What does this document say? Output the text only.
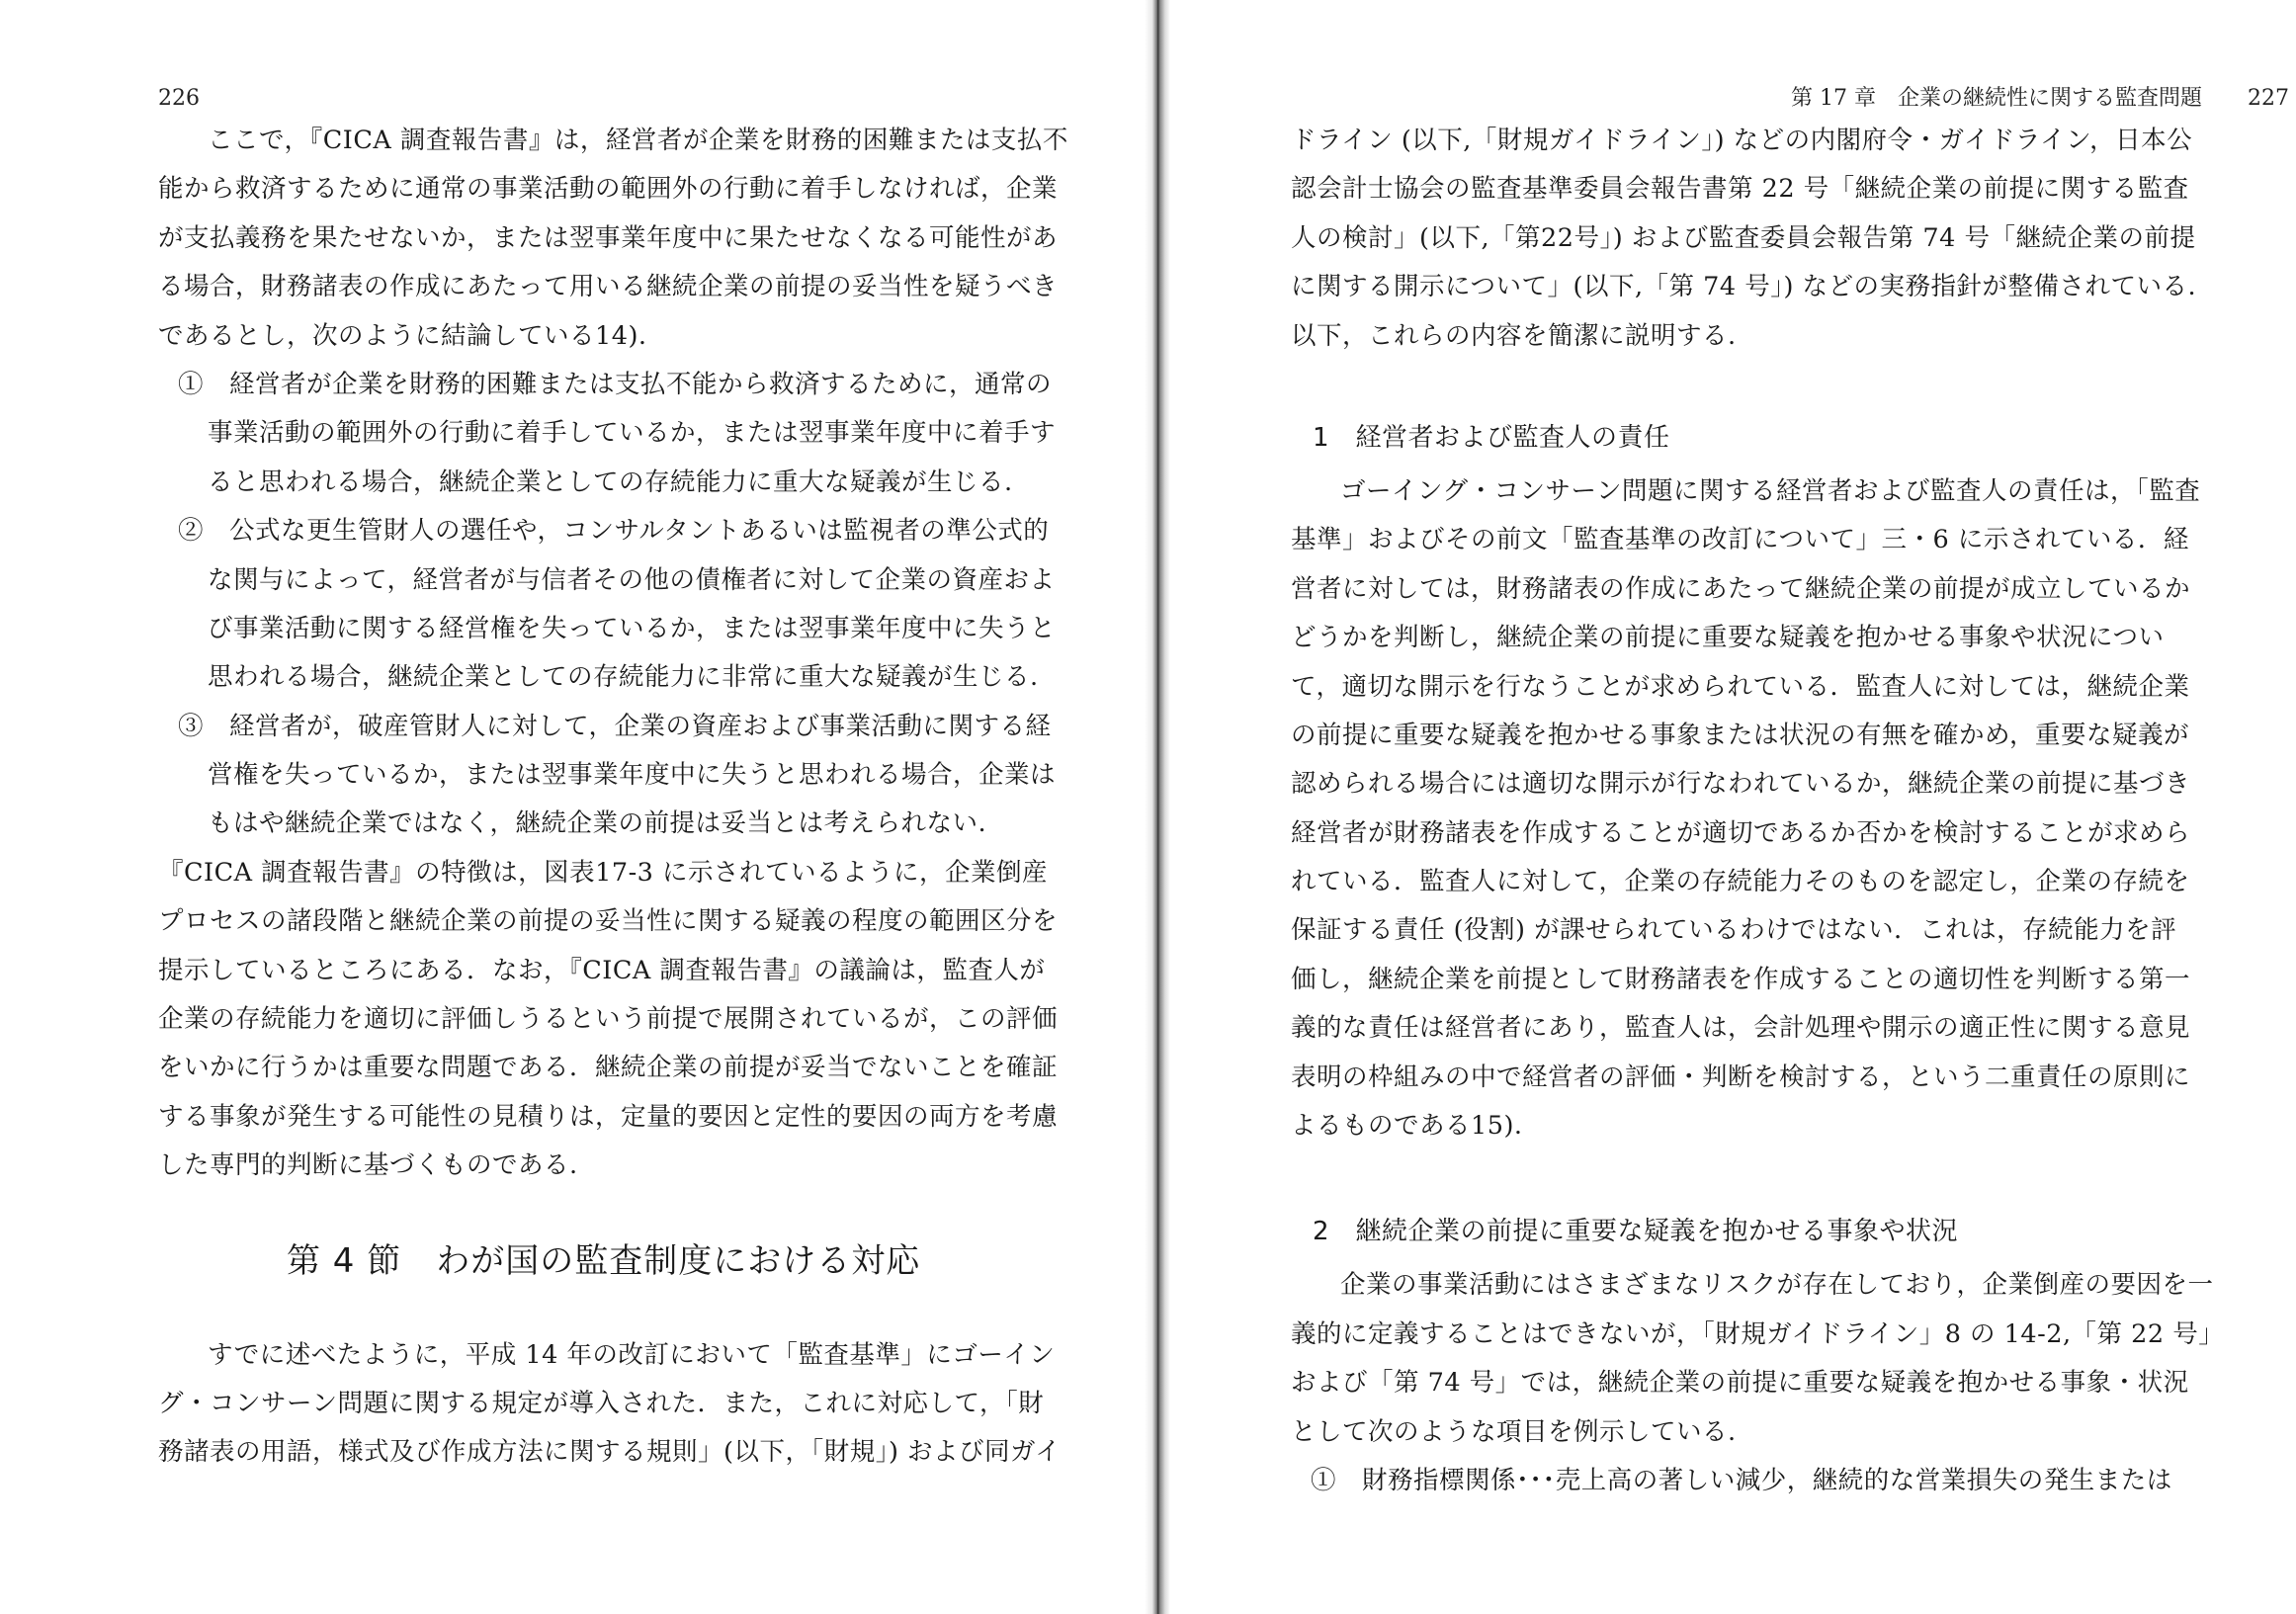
226
ここで，『CICA 調査報告書』は，経営者が企業を財務的困難または支払不
能から救済するために通常の事業活動の範囲外の行動に着手しなければ，企業
が支払義務を果たせないか，または翌事業年度中に果たせなくなる可能性があ
る場合，財務諸表の作成にあたって用いる継続企業の前提の妥当性を疑うべき
であるとし，次のように結論している14).
①　経営者が企業を財務的困難または支払不能から救済するために，通常の
事業活動の範囲外の行動に着手しているか，または翌事業年度中に着手す
ると思われる場合，継続企業としての存続能力に重大な疑義が生じる.
②　公式な更生管財人の選任や，コンサルタントあるいは監視者の準公式的
な関与によって，経営者が与信者その他の債権者に対して企業の資産およ
び事業活動に関する経営権を失っているか，または翌事業年度中に失うと
思われる場合，継続企業としての存続能力に非常に重大な疑義が生じる.
③　経営者が，破産管財人に対して，企業の資産および事業活動に関する経
営権を失っているか，または翌事業年度中に失うと思われる場合，企業は
もはや継続企業ではなく，継続企業の前提は妥当とは考えられない.
『CICA 調査報告書』の特徴は，図表17-3 に示されているように，企業倒産
プロセスの諸段階と継続企業の前提の妥当性に関する疑義の程度の範囲区分を
提示しているところにある．なお，『CICA 調査報告書』の議論は，監査人が
企業の存続能力を適切に評価しうるという前提で展開されているが，この評価
をいかに行うかは重要な問題である．継続企業の前提が妥当でないことを確証
する事象が発生する可能性の見積りは，定量的要因と定性的要因の両方を考慮
した専門的判断に基づくものである.
第 4 節　わが国の監査制度における対応
すでに述べたように，平成 14 年の改訂において「監査基準」にゴーイン
グ・コンサーン問題に関する規定が導入された．また，これに対応して，「財
務諸表の用語，様式及び作成方法に関する規則」(以下，「財規」) および同ガイ
第 17 章　企業の継続性に関する監査問題 227
ドライン (以下,「財規ガイドライン」) などの内閣府令・ガイドライン，日本公
認会計士協会の監査基準委員会報告書第 22 号「継続企業の前提に関する監査
人の検討」(以下,「第22号」) および監査委員会報告第 74 号「継続企業の前提
に関する開示について」(以下,「第 74 号」) などの実務指針が整備されている.
以下，これらの内容を簡潔に説明する.
1　経営者および監査人の責任
ゴーイング・コンサーン問題に関する経営者および監査人の責任は，「監査
基準」およびその前文「監査基準の改訂について」三・6 に示されている．経
営者に対しては，財務諸表の作成にあたって継続企業の前提が成立しているか
どうかを判断し，継続企業の前提に重要な疑義を抱かせる事象や状況につい
て，適切な開示を行なうことが求められている．監査人に対しては，継続企業
の前提に重要な疑義を抱かせる事象または状況の有無を確かめ，重要な疑義が
認められる場合には適切な開示が行なわれているか，継続企業の前提に基づき
経営者が財務諸表を作成することが適切であるか否かを検討することが求めら
れている．監査人に対して，企業の存続能力そのものを認定し，企業の存続を
保証する責任 (役割) が課せられているわけではない．これは，存続能力を評
価し，継続企業を前提として財務諸表を作成することの適切性を判断する第一
義的な責任は経営者にあり，監査人は，会計処理や開示の適正性に関する意見
表明の枠組みの中で経営者の評価・判断を検討する，という二重責任の原則に
よるものである15).
2　継続企業の前提に重要な疑義を抱かせる事象や状況
企業の事業活動にはさまざまなリスクが存在しており，企業倒産の要因を一
義的に定義することはできないが，「財規ガイドライン」8 の 14-2,「第 22 号」
および「第 74 号」では，継続企業の前提に重要な疑義を抱かせる事象・状況
として次のような項目を例示している.
①　財務指標関係･･･売上高の著しい減少，継続的な営業損失の発生または
